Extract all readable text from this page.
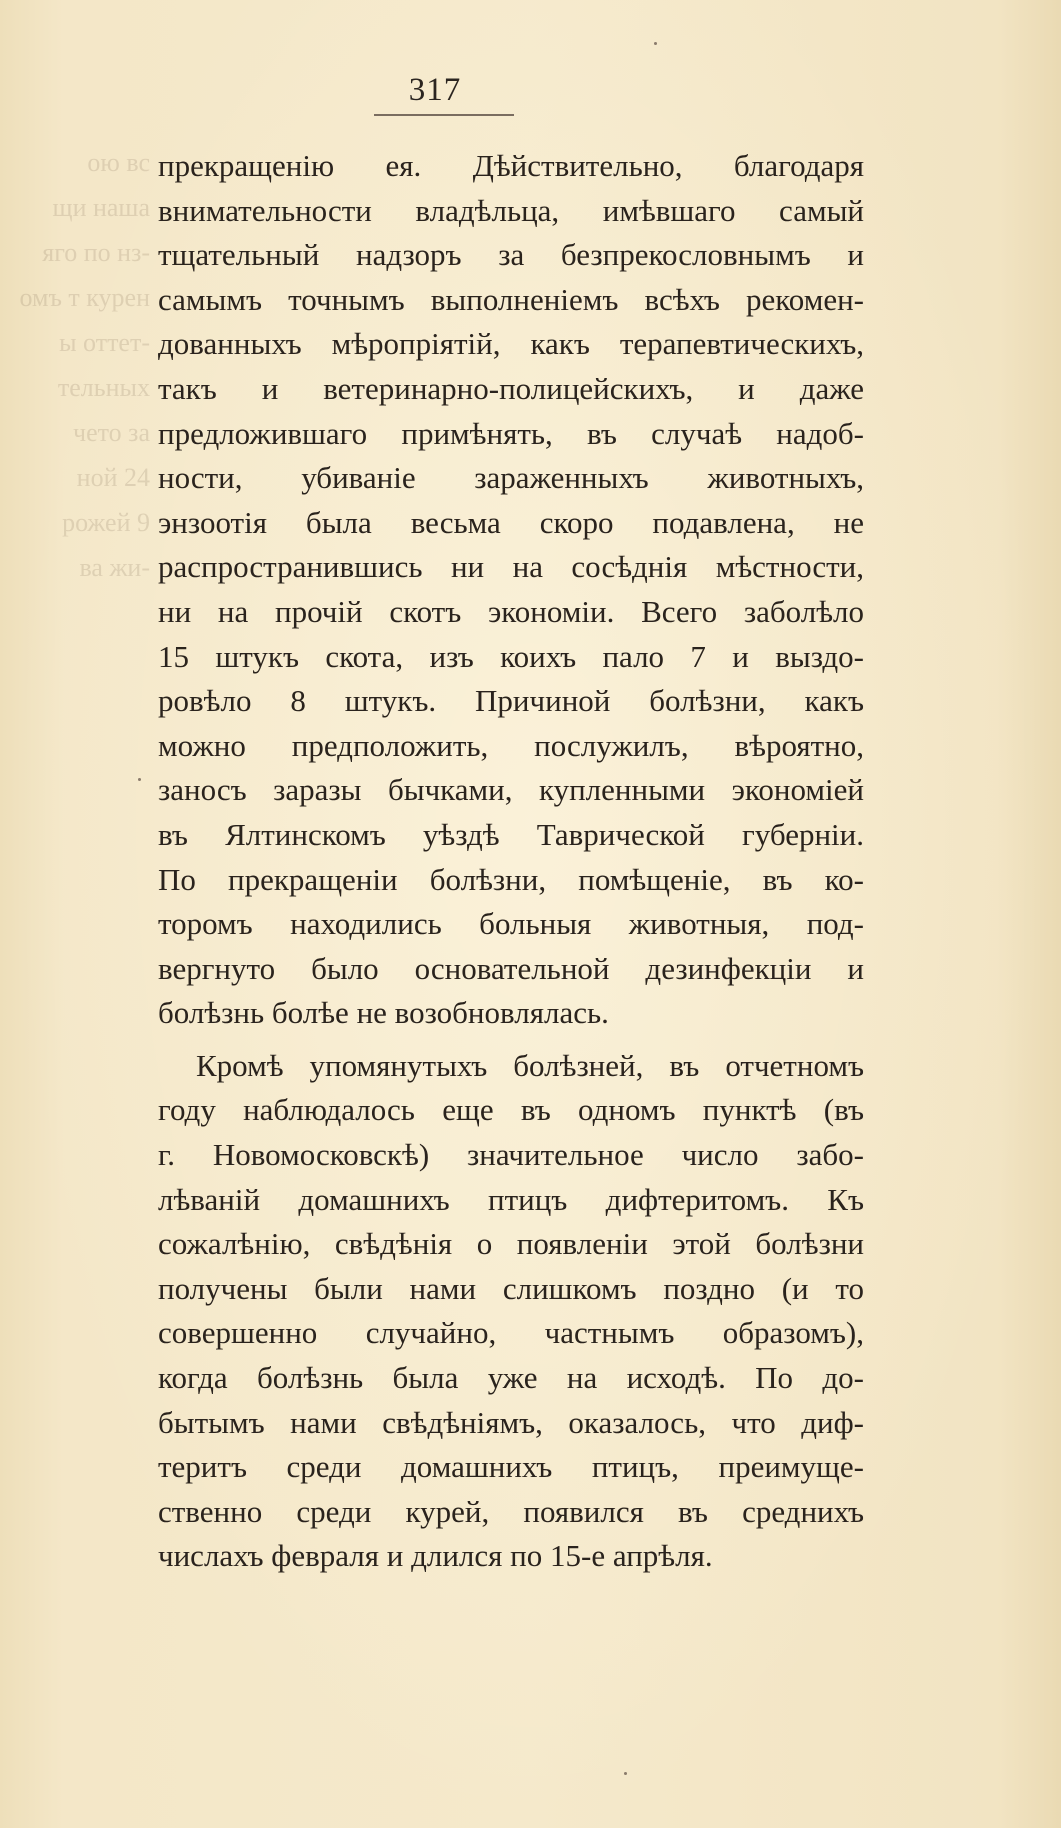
ою вс
щи наша
яго по нз-
омъ т курен
ы оттет-
тельных
чето за
ной 24
рожей 9
ва жи-
317
прекращенію ея. Дѣйствительно, благодаря
внимательности владѣльца, имѣвшаго самый
тщательный надзоръ за безпрекословнымъ и
самымъ точнымъ выполненіемъ всѣхъ рекомен-
дованныхъ мѣропріятій, какъ терапевтическихъ,
такъ и ветеринарно-полицейскихъ, и даже
предложившаго примѣнять, въ случаѣ надоб-
ности, убиваніе зараженныхъ животныхъ,
энзоотія была весьма скоро подавлена, не
распространившись ни на сосѣднія мѣстности,
ни на прочій скотъ экономіи. Всего заболѣло
15 штукъ скота, изъ коихъ пало 7 и выздо-
ровѣло 8 штукъ. Причиной болѣзни, какъ
можно предположить, послужилъ, вѣроятно,
заносъ заразы бычками, купленными экономіей
въ Ялтинскомъ уѣздѣ Таврической губерніи.
По прекращеніи болѣзни, помѣщеніе, въ ко-
торомъ находились больныя животныя, под-
вергнуто было основательной дезинфекціи и
болѣзнь болѣе не возобновлялась.
Кромѣ упомянутыхъ болѣзней, въ отчетномъ
году наблюдалось еще въ одномъ пунктѣ (въ
г. Новомосковскѣ) значительное число забо-
лѣваній домашнихъ птицъ дифтеритомъ. Къ
сожалѣнію, свѣдѣнія о появленіи этой болѣзни
получены были нами слишкомъ поздно (и то
совершенно случайно, частнымъ образомъ),
когда болѣзнь была уже на исходѣ. По до-
бытымъ нами свѣдѣніямъ, оказалось, что диф-
теритъ среди домашнихъ птицъ, преимуще-
ственно среди курей, появился въ среднихъ
числахъ февраля и длился по 15-е апрѣля.
